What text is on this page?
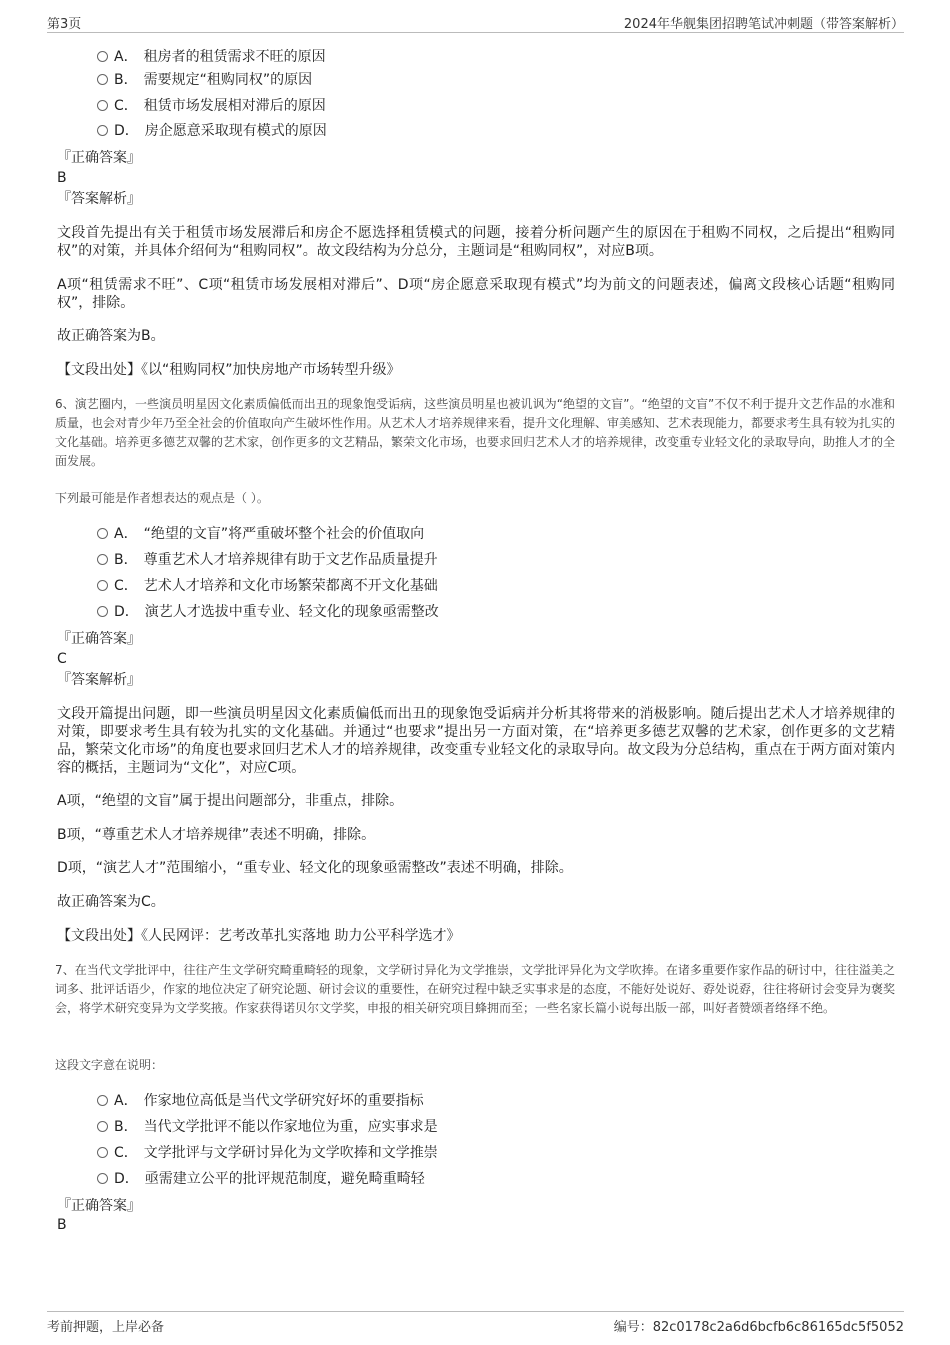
第3页	2024年华舰集团招聘笔试冲刺题（带答案解析）
A． 租房者的租赁需求不旺的原因
B． 需要规定“租购同权”的原因
C． 租赁市场发展相对滞后的原因
D． 房企愿意采取现有模式的原因
『正确答案』
B
『答案解析』
文段首先提出有关于租赁市场发展滞后和房企不愿选择租赁模式的问题，接着分析问题产生的原因在于租购不同权，之后提出“租购同权”的对策，并具体介绍何为“租购同权”。故文段结构为分总分，主题词是“租购同权”，对应B项。
A项“租赁需求不旺”、C项“租赁市场发展相对滞后”、D项“房企愿意采取现有模式”均为前文的问题表述，偏离文段核心话题“租购同权”，排除。
故正确答案为B。
【文段出处】《以“租购同权”加快房地产市场转型升级》
6、演艺圈内，一些演员明星因文化素质偏低而出丑的现象饱受诟病，这些演员明星也被讥讽为“绝望的文盲”。“绝望的文盲”不仅不利于提升文艺作品的水准和质量，也会对青少年乃至全社会的价值取向产生破坏性作用。从艺术人才培养规律来看，提升文化理解、审美感知、艺术表现能力，都要求考生具有较为扎实的文化基础。培养更多德艺双馨的艺术家，创作更多的文艺精品，繁荣文化市场，也要求回归艺术人才的培养规律，改变重专业轻文化的录取导向，助推人才的全面发展。
下列最可能是作者想表达的观点是（ ）。
A． “绝望的文盲”将严重破坏整个社会的价值取向
B． 尊重艺术人才培养规律有助于文艺作品质量提升
C． 艺术人才培养和文化市场繁荣都离不开文化基础
D． 演艺人才选拔中重专业、轻文化的现象亟需整改
『正确答案』
C
『答案解析』
文段开篇提出问题，即一些演员明星因文化素质偏低而出丑的现象饱受诟病并分析其将带来的消极影响。随后提出艺术人才培养规律的对策，即要求考生具有较为扎实的文化基础。并通过“也要求”提出另一方面对策，在“培养更多德艺双馨的艺术家，创作更多的文艺精品，繁荣文化市场”的角度也要求回归艺术人才的培养规律，改变重专业轻文化的录取导向。故文段为分总结构，重点在于两方面对策内容的概括，主题词为“文化”，对应C项。
A项，“绝望的文盲”属于提出问题部分，非重点，排除。
B项，“尊重艺术人才培养规律”表述不明确，排除。
D项，“演艺人才”范围缩小，“重专业、轻文化的现象亟需整改”表述不明确，排除。
故正确答案为C。
【文段出处】《人民网评：艺考改革扎实落地 助力公平科学选才》
7、在当代文学批评中，往往产生文学研究畸重畸轻的现象，文学研讨异化为文学推崇，文学批评异化为文学吹捧。在诸多重要作家作品的研讨中，往往溢美之词多、批评话语少，作家的地位决定了研究论题、研讨会议的重要性，在研究过程中缺乏实事求是的态度，不能好处说好、孬处说孬，往往将研讨会变异为褒奖会，将学术研究变异为文学奖掖。作家获得诺贝尔文学奖，申报的相关研究项目蜂拥而至；一些名家长篇小说每出版一部，叫好者赞颂者络绎不绝。
这段文字意在说明：
A． 作家地位高低是当代文学研究好坏的重要指标
B． 当代文学批评不能以作家地位为重，应实事求是
C． 文学批评与文学研讨异化为文学吹捧和文学推崇
D． 亟需建立公平的批评规范制度，避免畸重畸轻
『正确答案』
B
考前押题，上岸必备	编号：82c0178c2a6d6bcfb6c86165dc5f5052
